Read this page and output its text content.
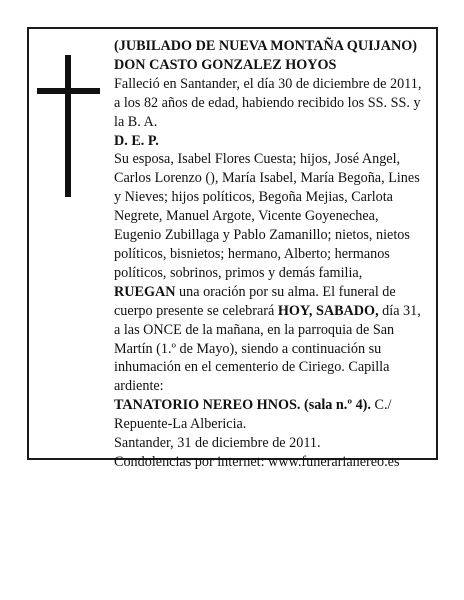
(JUBILADO DE NUEVA MONTAÑA QUIJANO)

DON CASTO GONZALEZ HOYOS

Falleció en Santander, el día 30 de diciembre de 2011, a los 82 años de edad, habiendo recibido los SS. SS. y la B. A.

D. E. P.

Su esposa, Isabel Flores Cuesta; hijos, José Angel, Carlos Lorenzo (), María Isabel, María Begoña, Lines y Nieves; hijos políticos, Begoña Mejias, Carlota Negrete, Manuel Argote, Vicente Goyenechea, Eugenio Zubillaga y Pablo Zamanillo; nietos, nietos políticos, bisnietos; hermano, Alberto; hermanos políticos, sobrinos, primos y demás familia,

RUEGAN una oración por su alma. El funeral de cuerpo presente se celebrará HOY, SABADO, día 31, a las ONCE de la mañana, en la parroquia de San Martín (1.º de Mayo), siendo a continuación su inhumación en el cementerio de Ciriego. Capilla ardiente:

TANATORIO NEREO HNOS. (sala n.º 4). C./ Repuente-La Albericia.

Santander, 31 de diciembre de 2011.

Condolencias por internet: www.funerarianereo.es
